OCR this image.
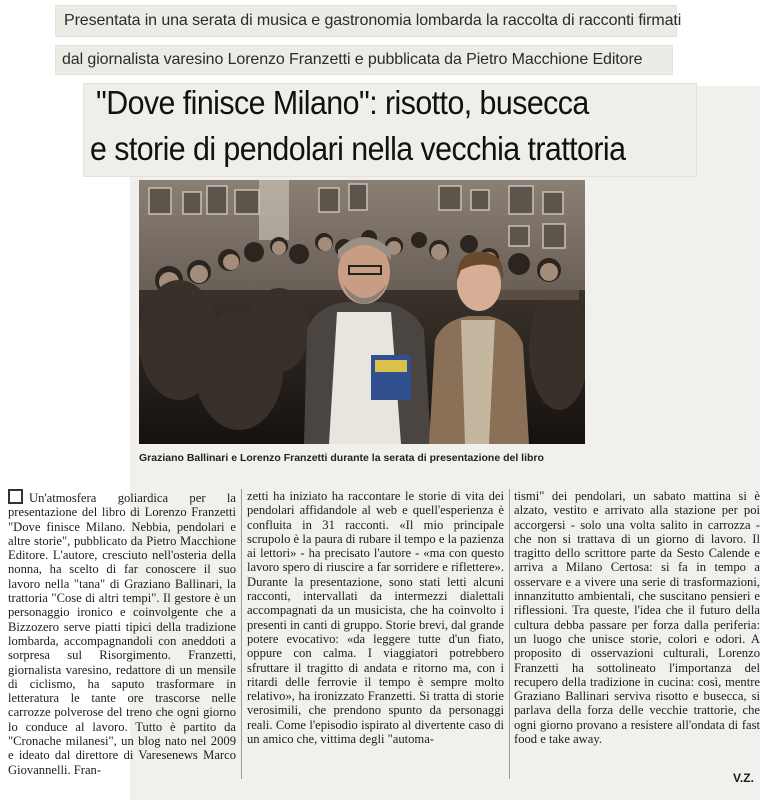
Presentata in una serata di musica e gastronomia lombarda la raccolta di racconti firmati
dal giornalista varesino Lorenzo Franzetti e pubblicata da Pietro Macchione Editore
"Dove finisce Milano": risotto, busecca
e storie di pendolari nella vecchia trattoria
Graziano Ballinari e Lorenzo Franzetti durante la serata di presentazione del libro

Un'atmosfera goliardica per la presentazione del libro di Lorenzo Franzetti "Dove finisce Milano. Nebbia, pendolari e altre storie", pubblicato da Pietro Macchione Editore. L'autore, cresciuto nell'osteria della nonna, ha scelto di far conoscere il suo lavoro nella "tana" di Graziano Ballinari, la trattoria "Cose di altri tempi". Il gestore è un personaggio ironico e coinvolgente che a Bizzozero serve piatti tipici della tradizione lombarda, accompagnandoli con aneddoti a sorpresa sul Risorgimento. Franzetti, giornalista varesino, redattore di un mensile di ciclismo, ha saputo trasformare in letteratura le tante ore trascorse nelle carrozze polverose del treno che ogni giorno lo conduce al lavoro. Tutto è partito da "Cronache milanesi", un blog nato nel 2009 e ideato dal direttore di Varesenews Marco Giovannelli. Fran-

zetti ha iniziato ha raccontare le storie di vita dei pendolari affidandole al web e quell'esperienza è confluita in 31 racconti. «Il mio principale scrupolo è la paura di rubare il tempo e la pazienza ai lettori» - ha precisato l'autore - «ma con questo lavoro spero di riuscire a far sorridere e riflettere». Durante la presentazione, sono stati letti alcuni racconti, intervallati da intermezzi dialettali accompagnati da un musicista, che ha coinvolto i presenti in canti di gruppo. Storie brevi, dal grande potere evocativo: «da leggere tutte d'un fiato, oppure con calma. I viaggiatori potrebbero sfruttare il tragitto di andata e ritorno ma, con i ritardi delle ferrovie il tempo è sempre molto relativo», ha ironizzato Franzetti. Si tratta di storie verosimili, che prendono spunto da personaggi reali. Come l'episodio ispirato al divertente caso di un amico che, vittima degli "automa-

tismi" dei pendolari, un sabato mattina si è alzato, vestito e arrivato alla stazione per poi accorgersi - solo una volta salito in carrozza - che non si trattava di un giorno di lavoro. Il tragitto dello scrittore parte da Sesto Calende e arriva a Milano Certosa: si fa in tempo a osservare e a vivere una serie di trasformazioni, innanzitutto ambientali, che suscitano pensieri e riflessioni. Tra queste, l'idea che il futuro della cultura debba passare per forza dalla periferia: un luogo che unisce storie, colori e odori. A proposito di osservazioni culturali, Lorenzo Franzetti ha sottolineato l'importanza del recupero della tradizione in cucina: così, mentre Graziano Ballinari serviva risotto e busecca, si parlava della forza delle vecchie trattorie, che ogni giorno provano a resistere all'ondata di fast food e take away.

V.Z.
